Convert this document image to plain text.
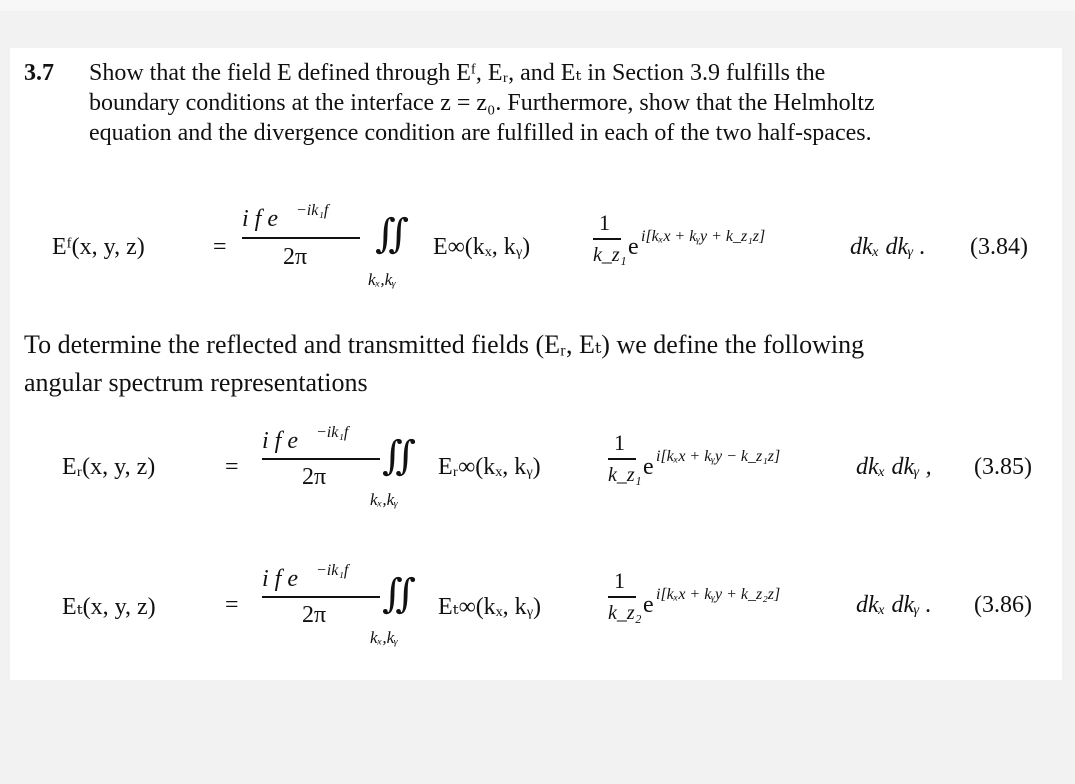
3.7 Show that the field E defined through Eᶠ, Eᵣ, and Eₜ in Section 3.9 fulfills the
boundary conditions at the interface z = z₀. Furthermore, show that the Helmholtz
equation and the divergence condition are fulfilled in each of the two half-spaces.
Eᶠ(x, y, z)	=
i f e −ik₁f
2π
∬
kₓ,kᵧ
E∞(kₓ, kᵧ)
1
k_z₁ e i[kₓx + kᵧy + k_z₁z]	dkₓ dkᵧ . (3.84)
To determine the reflected and transmitted fields (Eᵣ, Eₜ) we define the following
angular spectrum representations
Eᵣ(x, y, z)	=
i f e −ik₁f
2π ∬
kₓ,kᵧ
Eᵣ∞(kₓ, kᵧ)
1
k_z₁ e i[kₓx + kᵧy − k_z₁z]	dkₓ dkᵧ , (3.85)
Eₜ(x, y, z)	=
i f e −ik₁f
2π ∬
kₓ,kᵧ
Eₜ∞(kₓ, kᵧ)
1
k_z₂ e i[kₓx + kᵧy + k_z₂z]	dkₓ dkᵧ . (3.86)
